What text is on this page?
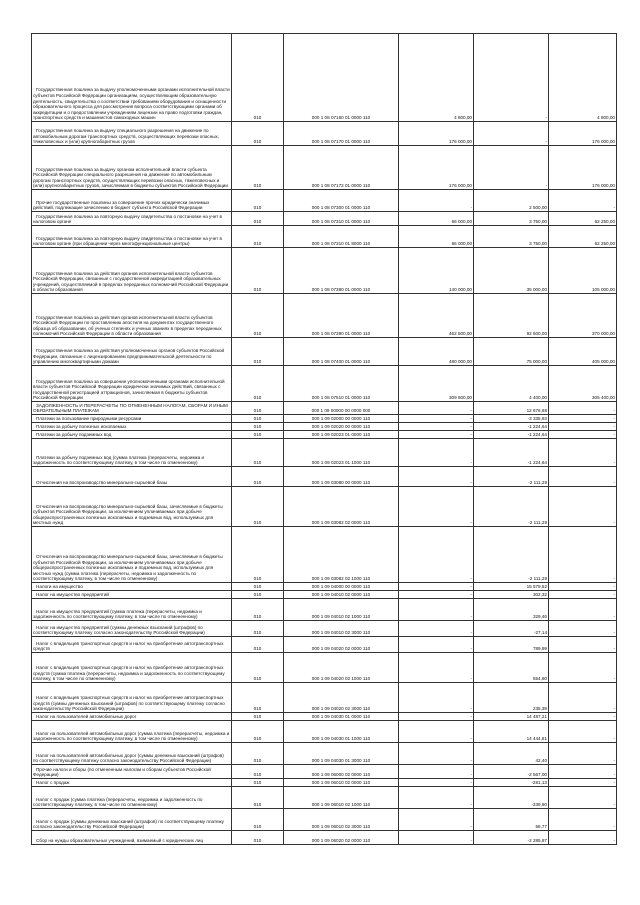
Государственная пошлина за выдачу уполномоченными органами исполнительной власти субъектов Российской Федерации организациям, осуществляющим образовательную деятельность, свидетельства о соответствии требованиям оборудования и оснащенности образовательного процесса для рассмотрения вопроса соответствующими органами об аккредитации и о предоставлении учреждениям лицензии на право подготовки граждан, транспортных средств и машинистов самоходных машин	010	000 1 08 07160 01 0000 110	4 800,00	-	4 800,00
Государственная пошлина за выдачу специального разрешения на движение по автомобильным дорогам транспортных средств, осуществляющих перевозки опасных, тяжеловесных и (или) крупногабаритных грузов	010	000 1 08 07170 01 0000 110	176 000,00	-	176 000,00
Государственная пошлина за выдачу органом исполнительной власти субъекта Российской Федерации специального разрешения на движение по автомобильным дорогам транспортных средств, осуществляющих перевозки опасных, тяжеловесных и (или) крупногабаритных грузов, зачисляемая в бюджеты субъектов Российской Федерации	010	000 1 08 07172 01 0000 110	176 000,00	-	176 000,00
Прочие государственные пошлины за совершение прочих юридически значимых действий, подлежащие зачислению в бюджет субъекта Российской Федерации	010	000 1 08 07300 01 0000 110	-	2 500,00	-
Государственная пошлина за повторную выдачу свидетельства о постановке на учет в налоговом органе	010	000 1 08 07310 01 0000 110	66 000,00	3 750,00	62 250,00
Государственная пошлина за повторную выдачу свидетельства о постановке на учет в налоговом органе (при обращении через многофункциональные центры)	010	000 1 08 07310 01 8000 110	66 000,00	3 750,00	62 250,00
Государственная пошлина за действия органов исполнительной власти субъектов Российской Федерации, связанные с государственной аккредитацией образовательных учреждений, осуществляемой в пределах переданных полномочий Российской Федерации в области образования	010	000 1 08 07380 01 0000 110	140 000,00	35 000,00	105 000,00
Государственная пошлина за действия органов исполнительной власти субъектов Российской Федерации по проставлению апостиля на документах государственного образца об образовании, об ученых степенях и ученых званиях в пределах переданных полномочий Российской Федерации в области образования	010	000 1 08 07390 01 0000 110	462 500,00	92 500,00	370 000,00
Государственная пошлина за действия уполномоченных органов субъектов Российской Федерации, связанные с лицензированием предпринимательской деятельности по управлению многоквартирными домами	010	000 1 08 07400 01 0000 110	480 000,00	75 000,00	405 000,00
Государственная пошлина за совершение уполномоченными органами исполнительной власти субъектов Российской Федерации юридически значимых действий, связанных с государственной регистрацией аттракционов, зачисляемая в бюджеты субъектов Российской Федерации	010	000 1 08 07510 01 0000 110	309 600,00	4 400,00	305 400,00
ЗАДОЛЖЕННОСТЬ И ПЕРЕРАСЧЕТЫ ПО ОТМЕНЕННЫМ НАЛОГАМ, СБОРАМ И ИНЫМ ОБЯЗАТЕЛЬНЫМ ПЛАТЕЖАМ	010	000 1 09 00000 00 0000 000	-	12 676,68	-
Платежи за пользование природными ресурсами	010	000 1 09 02000 00 0000 110	-	-3 335,93	-
Платежи за добычу полезных ископаемых	010	000 1 09 02020 00 0000 110	-	-1 224,64	-
Платежи за добычу подземных вод	010	000 1 09 02023 01 0000 110	-	-1 224,64	-
Платежи за добычу подземных вод (сумма платежа (перерасчеты, недоимка и задолженность по соответствующему платежу, в том числе по отмененному)	010	000 1 09 02023 01 1000 110	-	-1 224,64	-
Отчисления на воспроизводство минерально-сырьевой базы	010	000 1 09 03080 00 0000 110	-	-2 111,29	-
Отчисления на воспроизводство минерально-сырьевой базы, зачисляемые в бюджеты субъектов Российской Федерации, за исключением уплачиваемых при добыче общераспространенных полезных ископаемых и подземных вод, используемых для местных нужд	010	000 1 09 03082 02 0000 110	-	-2 111,29	-
Отчисления на воспроизводство минерально-сырьевой базы, зачисляемые в бюджеты субъектов Российской Федерации, за исключением уплачиваемых при добыче общераспространенных полезных ископаемых и подземных вод, используемых для местных нужд (сумма платежа (перерасчеты, недоимка и задолженность по соответствующему платежу, в том числе по отмененному)	010	000 1 09 03082 02 1000 110	-	-2 111,29	-
Налоги на имущество	010	000 1 09 04000 00 0000 110	-	15 579,52	-
Налог на имущество предприятий	010	000 1 09 04010 02 0000 110	-	302,32	-
Налог на имущество предприятий (сумма платежа (перерасчеты, недоимка и задолженность по соответствующему платежу, в том числе по отмененному)	010	000 1 09 04010 02 1000 110	-	329,46	-
Налог на имущество предприятий (суммы денежных взысканий (штрафов) по соответствующему платежу согласно законодательству Российской Федерации)	010	000 1 09 04010 02 3000 110	-	-27,14	-
Налог с владельцев транспортных средств и налог на приобретение автотранспортных средств	010	000 1 09 04020 02 0000 110	-	789,99	-
Налог с владельцев транспортных средств и налог на приобретение автотранспортных средств (сумма платежа (перерасчеты, недоимка и задолженность по соответствующему платежу, в том числе по отмененному)	010	000 1 09 04020 02 1000 110	-	554,60	-
Налог с владельцев транспортных средств и налог на приобретение автотранспортных средств (суммы денежных взысканий (штрафов) по соответствующему платежу согласно законодательству Российской Федерации)	010	000 1 09 04020 02 3000 110	-	235,39	-
Налог на пользователей автомобильных дорог	010	000 1 09 04030 01 0000 110	-	14 487,21	-
Налог на пользователей автомобильных дорог (сумма платежа (перерасчеты, недоимка и задолженность по соответствующему платежу, в том числе по отмененному)	010	000 1 09 04030 01 1000 110	-	14 444,81	-
Налог на пользователей автомобильных дорог (суммы денежных взысканий (штрафов) по соответствующему платежу согласно законодательству Российской Федерации)	010	000 1 09 04030 01 3000 110	-	42,40	-
Прочие налоги и сборы (по отмененным налогам и сборам субъектов Российской Федерации)	010	000 1 09 06000 02 0000 110	-	-2 567,00	-
Налог с продаж	010	000 1 09 06010 02 0000 110	-	-281,13	-
Налог с продаж (сумма платежа (перерасчеты, недоимка и задолженность по соответствующему платежу, в том числе по отмененному)	010	000 1 09 06010 02 1000 110	-	-339,90	-
Налог с продаж (суммы денежных взысканий (штрафов) по соответствующему платежу согласно законодательству Российской Федерации)	010	000 1 09 06010 02 3000 110	-	58,77	-
Сбор на нужды образовательных учреждений, взимаемый с юридических лиц	010	000 1 09 06020 02 0000 110	-	-2 285,87	-
